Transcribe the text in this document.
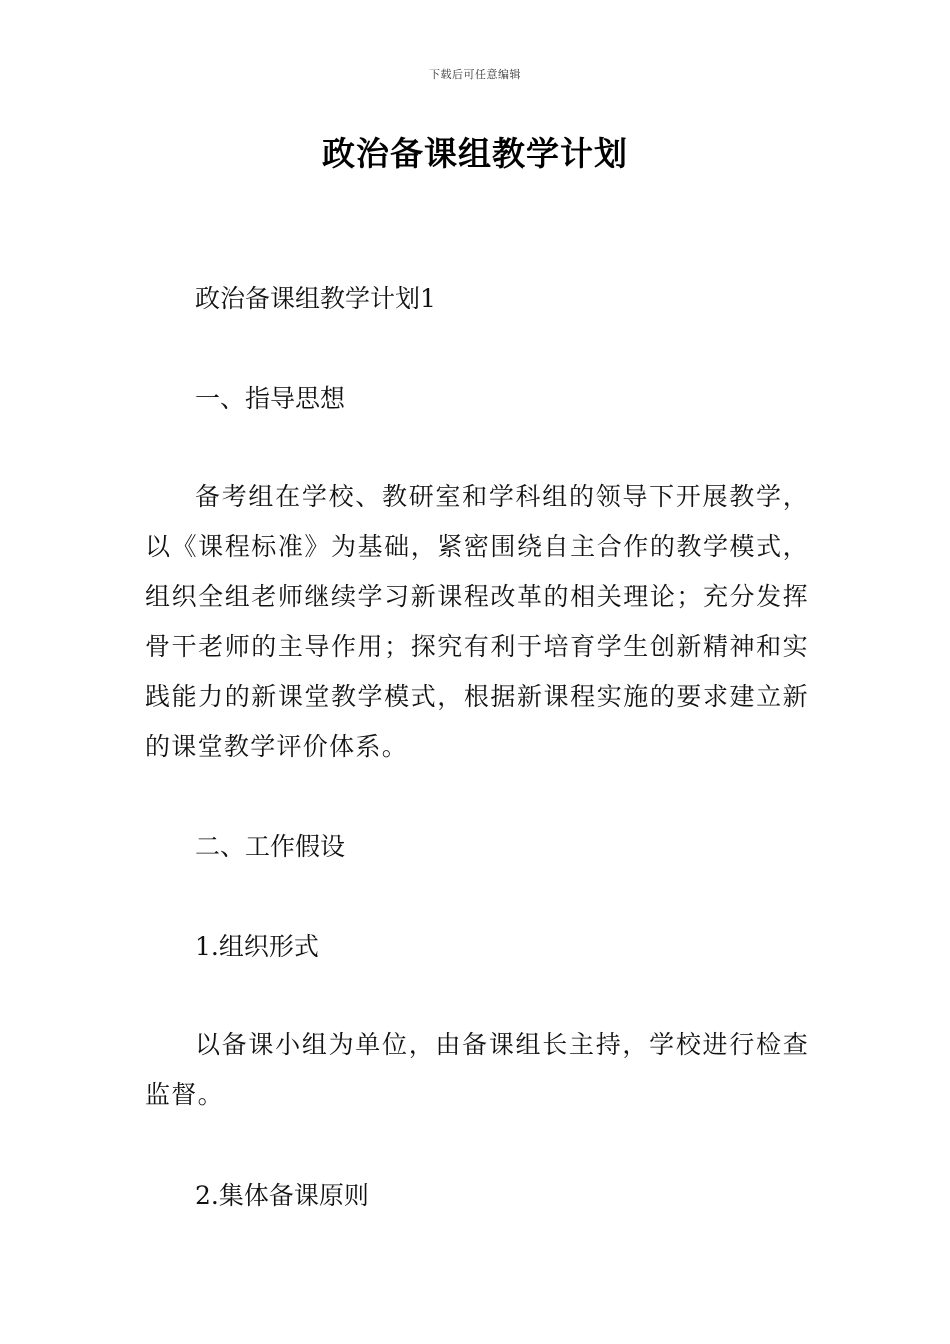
下载后可任意编辑
政治备课组教学计划
政治备课组教学计划1
一、指导思想
备考组在学校、教研室和学科组的领导下开展教学，以《课程标准》为基础，紧密围绕自主合作的教学模式，组织全组老师继续学习新课程改革的相关理论；充分发挥骨干老师的主导作用；探究有利于培育学生创新精神和实践能力的新课堂教学模式，根据新课程实施的要求建立新的课堂教学评价体系。
二、工作假设
1.组织形式
以备课小组为单位，由备课组长主持，学校进行检查监督。
2.集体备课原则
